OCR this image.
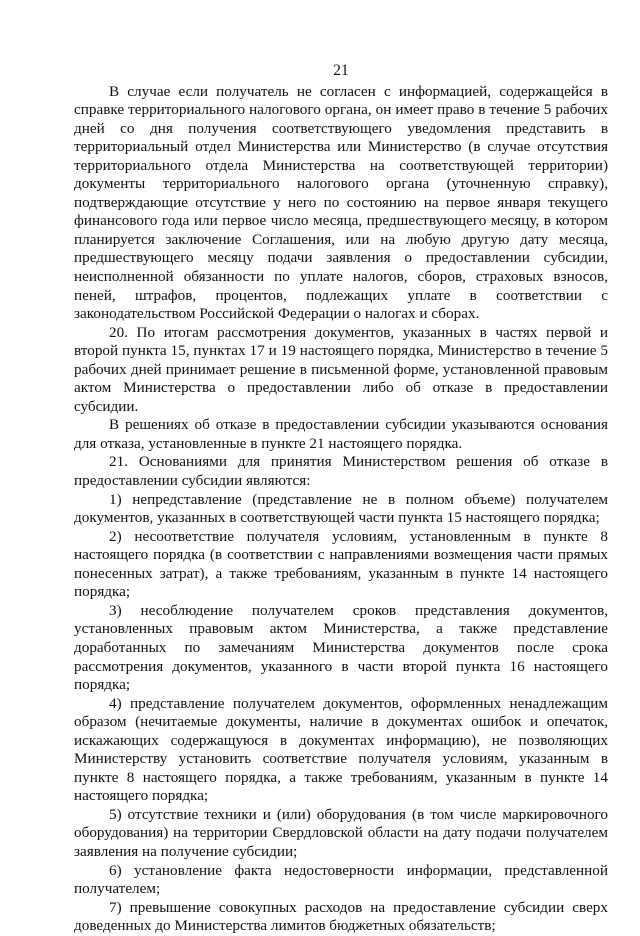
21

В случае если получатель не согласен с информацией, содержащейся в справке территориального налогового органа, он имеет право в течение 5 рабочих дней со дня получения соответствующего уведомления представить в территориальный отдел Министерства или Министерство (в случае отсутствия территориального отдела Министерства на соответствующей территории) документы территориального налогового органа (уточненную справку), подтверждающие отсутствие у него по состоянию на первое января текущего финансового года или первое число месяца, предшествующего месяцу, в котором планируется заключение Соглашения, или на любую другую дату месяца, предшествующего месяцу подачи заявления о предоставлении субсидии, неисполненной обязанности по уплате налогов, сборов, страховых взносов, пеней, штрафов, процентов, подлежащих уплате в соответствии с законодательством Российской Федерации о налогах и сборах.

20. По итогам рассмотрения документов, указанных в частях первой и второй пункта 15, пунктах 17 и 19 настоящего порядка, Министерство в течение 5 рабочих дней принимает решение в письменной форме, установленной правовым актом Министерства о предоставлении либо об отказе в предоставлении субсидии.

В решениях об отказе в предоставлении субсидии указываются основания для отказа, установленные в пункте 21 настоящего порядка.

21. Основаниями для принятия Министерством решения об отказе в предоставлении субсидии являются:

1) непредставление (представление не в полном объеме) получателем документов, указанных в соответствующей части пункта 15 настоящего порядка;

2) несоответствие получателя условиям, установленным в пункте 8 настоящего порядка (в соответствии с направлениями возмещения части прямых понесенных затрат), а также требованиям, указанным в пункте 14 настоящего порядка;

3) несоблюдение получателем сроков представления документов, установленных правовым актом Министерства, а также представление доработанных по замечаниям Министерства документов после срока рассмотрения документов, указанного в части второй пункта 16 настоящего порядка;

4) представление получателем документов, оформленных ненадлежащим образом (нечитаемые документы, наличие в документах ошибок и опечаток, искажающих содержащуюся в документах информацию), не позволяющих Министерству установить соответствие получателя условиям, указанным в пункте 8 настоящего порядка, а также требованиям, указанным в пункте 14 настоящего порядка;

5) отсутствие техники и (или) оборудования (в том числе маркировочного оборудования) на территории Свердловской области на дату подачи получателем заявления на получение субсидии;

6) установление факта недостоверности информации, представленной получателем;

7) превышение совокупных расходов на предоставление субсидии сверх доведенных до Министерства лимитов бюджетных обязательств;
